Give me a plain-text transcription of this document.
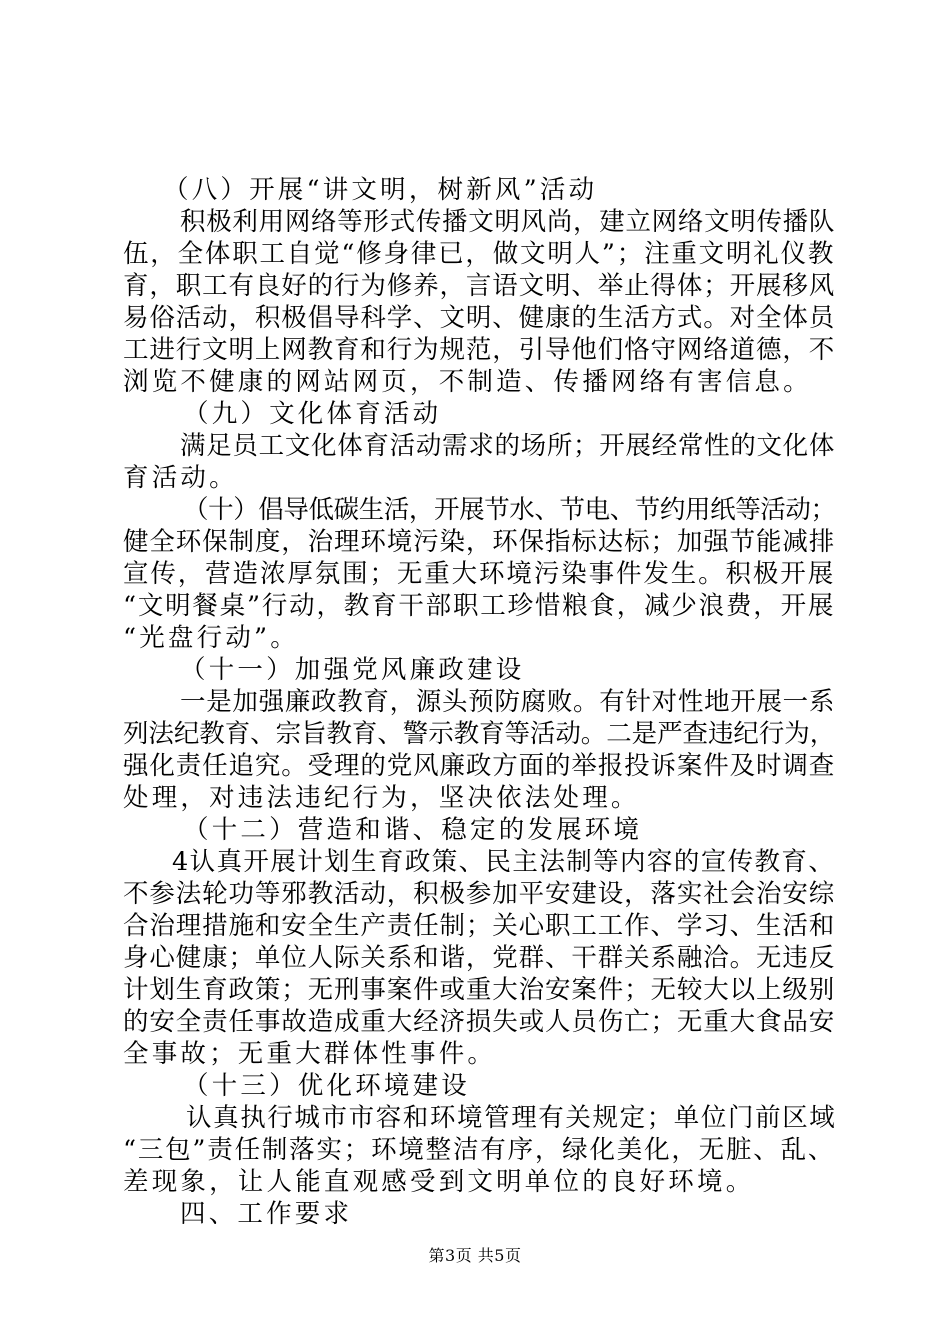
（八）开展“讲文明，树新风”活动
积极利用网络等形式传播文明风尚，建立网络文明传播队
伍，全体职工自觉“修身律已，做文明人”；注重文明礼仪教
育，职工有良好的行为修养，言语文明、举止得体；开展移风
易俗活动，积极倡导科学、文明、健康的生活方式。对全体员
工进行文明上网教育和行为规范，引导他们恪守网络道德，不
浏览不健康的网站网页，不制造、传播网络有害信息。
（九）文化体育活动
满足员工文化体育活动需求的场所；开展经常性的文化体
育活动。
（十）倡导低碳生活，开展节水、节电、节约用纸等活动；
健全环保制度，治理环境污染，环保指标达标；加强节能减排
宣传，营造浓厚氛围；无重大环境污染事件发生。积极开展
“文明餐桌”行动，教育干部职工珍惜粮食，减少浪费，开展
“光盘行动”。
（十一）加强党风廉政建设
一是加强廉政教育，源头预防腐败。有针对性地开展一系
列法纪教育、宗旨教育、警示教育等活动。二是严查违纪行为，
强化责任追究。受理的党风廉政方面的举报投诉案件及时调查
处理，对违法违纪行为，坚决依法处理。
（十二）营造和谐、稳定的发展环境
4认真开展计划生育政策、民主法制等内容的宣传教育、
不参法轮功等邪教活动，积极参加平安建设，落实社会治安综
合治理措施和安全生产责任制；关心职工工作、学习、生活和
身心健康；单位人际关系和谐，党群、干群关系融洽。无违反
计划生育政策；无刑事案件或重大治安案件；无较大以上级别
的安全责任事故造成重大经济损失或人员伤亡；无重大食品安
全事故；无重大群体性事件。
（十三）优化环境建设
认真执行城市市容和环境管理有关规定；单位门前区域
“三包”责任制落实；环境整洁有序，绿化美化，无脏、乱、
差现象，让人能直观感受到文明单位的良好环境。
四、工作要求
第3页 共5页
